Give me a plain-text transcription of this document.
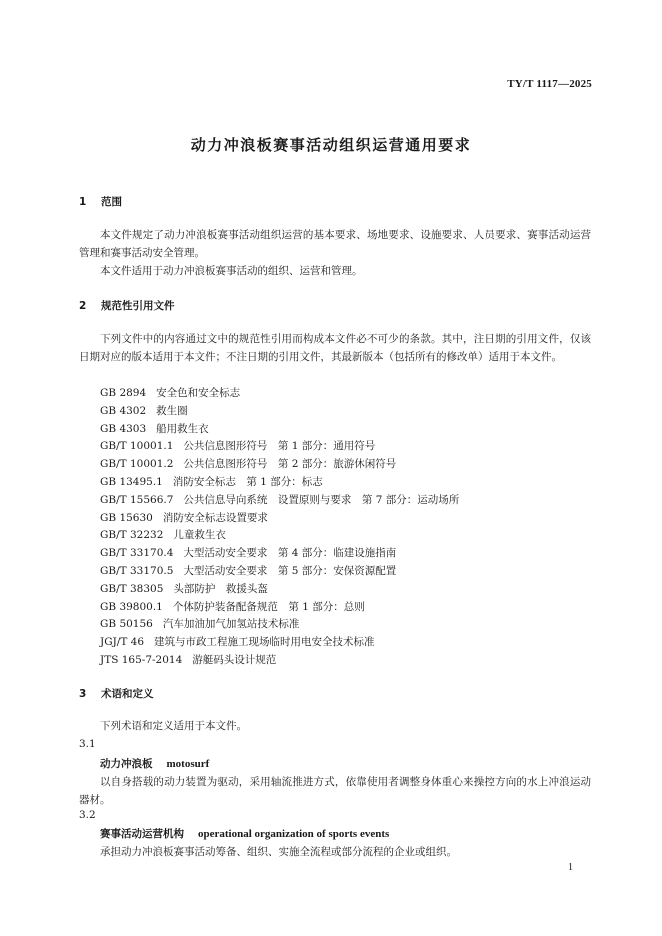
TY/T 1117—2025
动力冲浪板赛事活动组织运营通用要求
1 范围
本文件规定了动力冲浪板赛事活动组织运营的基本要求、场地要求、设施要求、人员要求、赛事活动运营管理和赛事活动安全管理。
本文件适用于动力冲浪板赛事活动的组织、运营和管理。
2 规范性引用文件
下列文件中的内容通过文中的规范性引用而构成本文件必不可少的条款。其中，注日期的引用文件，仅该日期对应的版本适用于本文件；不注日期的引用文件，其最新版本（包括所有的修改单）适用于本文件。
GB 2894 安全色和安全标志
GB 4302 救生圈
GB 4303 船用救生衣
GB/T 10001.1 公共信息图形符号　第 1 部分：通用符号
GB/T 10001.2 公共信息图形符号　第 2 部分：旅游休闲符号
GB 13495.1 消防安全标志　第 1 部分：标志
GB/T 15566.7 公共信息导向系统　设置原则与要求　第 7 部分：运动场所
GB 15630 消防安全标志设置要求
GB/T 32232 儿童救生衣
GB/T 33170.4 大型活动安全要求　第 4 部分：临建设施指南
GB/T 33170.5 大型活动安全要求　第 5 部分：安保资源配置
GB/T 38305 头部防护　救援头盔
GB 39800.1 个体防护装备配备规范　第 1 部分：总则
GB 50156 汽车加油加气加氢站技术标准
JGJ/T 46 建筑与市政工程施工现场临时用电安全技术标准
JTS 165-7-2014 游艇码头设计规范
3 术语和定义
下列术语和定义适用于本文件。
3.1
动力冲浪板 motosurf
以自身搭载的动力装置为驱动，采用轴流推进方式，依靠使用者调整身体重心来操控方向的水上冲浪运动器材。
3.2
赛事活动运营机构 operational organization of sports events
承担动力冲浪板赛事活动筹备、组织、实施全流程或部分流程的企业或组织。
1
